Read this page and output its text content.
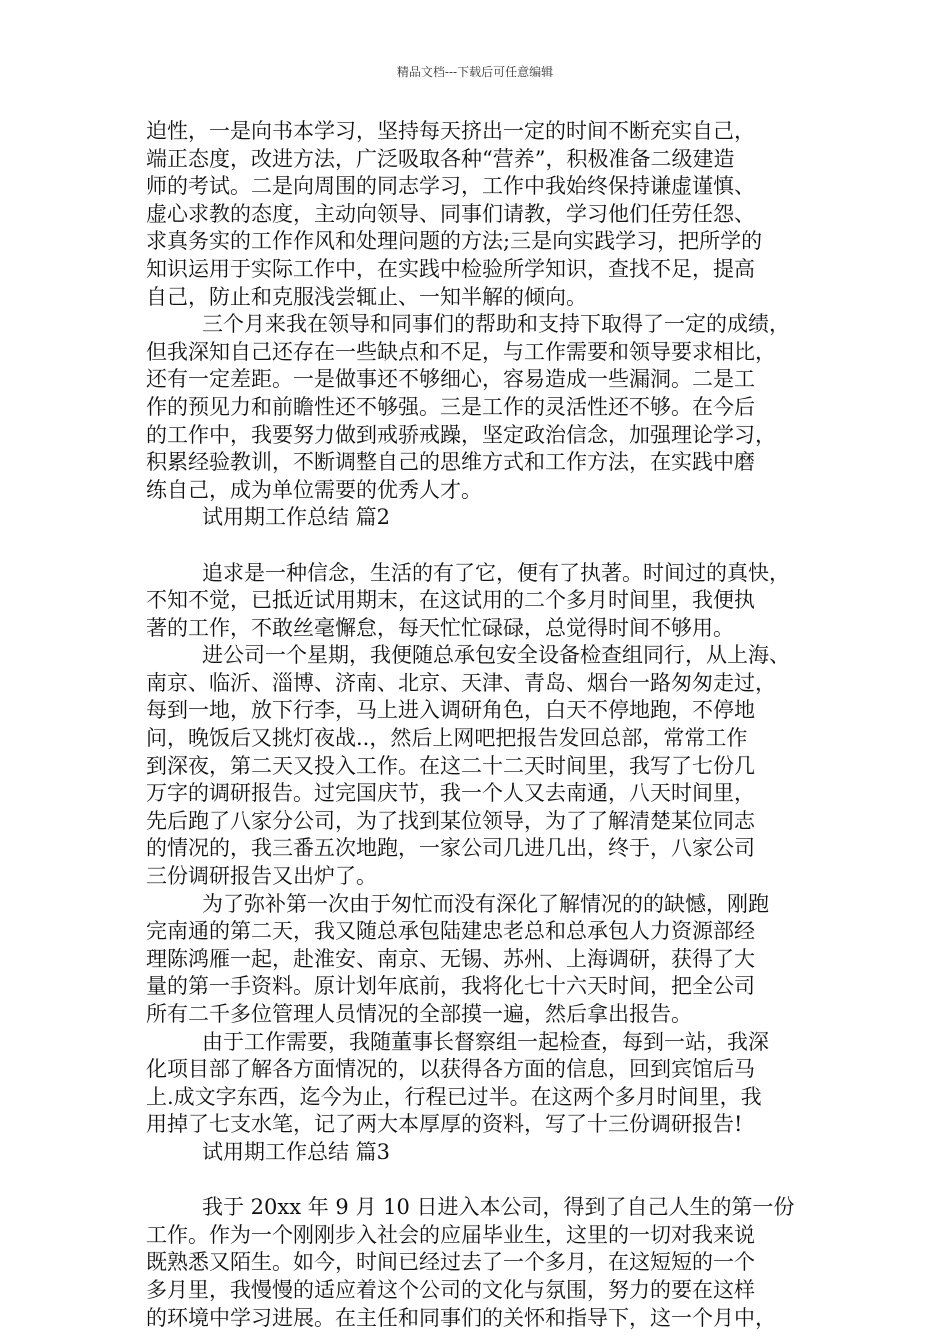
精品文档---下载后可任意编辑
迫性，一是向书本学习，坚持每天挤出一定的时间不断充实自己，
端正态度，改进方法，广泛吸取各种“营养”，积极准备二级建造
师的考试。二是向周围的同志学习，工作中我始终保持谦虚谨慎、
虚心求教的态度，主动向领导、同事们请教，学习他们任劳任怨、
求真务实的工作作风和处理问题的方法;三是向实践学习，把所学的
知识运用于实际工作中，在实践中检验所学知识，查找不足，提高
自己，防止和克服浅尝辄止、一知半解的倾向。
三个月来我在领导和同事们的帮助和支持下取得了一定的成绩，
但我深知自己还存在一些缺点和不足，与工作需要和领导要求相比，
还有一定差距。一是做事还不够细心，容易造成一些漏洞。二是工
作的预见力和前瞻性还不够强。三是工作的灵活性还不够。在今后
的工作中，我要努力做到戒骄戒躁，坚定政治信念，加强理论学习，
积累经验教训，不断调整自己的思维方式和工作方法，在实践中磨
练自己，成为单位需要的优秀人才。
试用期工作总结 篇2
追求是一种信念，生活的有了它，便有了执著。时间过的真快，
不知不觉，已抵近试用期末，在这试用的二个多月时间里，我便执
著的工作，不敢丝毫懈怠，每天忙忙碌碌，总觉得时间不够用。
进公司一个星期，我便随总承包安全设备检查组同行，从上海、
南京、临沂、淄博、济南、北京、天津、青岛、烟台一路匆匆走过，
每到一地，放下行李，马上进入调研角色，白天不停地跑，不停地
问，晚饭后又挑灯夜战..，然后上网吧把报告发回总部，常常工作
到深夜，第二天又投入工作。在这二十二天时间里，我写了七份几
万字的调研报告。过完国庆节，我一个人又去南通，八天时间里，
先后跑了八家分公司，为了找到某位领导，为了了解清楚某位同志
的情况的，我三番五次地跑，一家公司几进几出，终于，八家公司
三份调研报告又出炉了。
为了弥补第一次由于匆忙而没有深化了解情况的的缺憾，刚跑
完南通的第二天，我又随总承包陆建忠老总和总承包人力资源部经
理陈鸿雁一起，赴淮安、南京、无锡、苏州、上海调研，获得了大
量的第一手资料。原计划年底前，我将化七十六天时间，把全公司
所有二千多位管理人员情况的全部摸一遍，然后拿出报告。
由于工作需要，我随董事长督察组一起检查，每到一站，我深
化项目部了解各方面情况的，以获得各方面的信息，回到宾馆后马
上.成文字东西，迄今为止，行程已过半。在这两个多月时间里，我
用掉了七支水笔，记了两大本厚厚的资料，写了十三份调研报告!
试用期工作总结 篇3
我于 20xx 年 9 月 10 日进入本公司，得到了自己人生的第一份
工作。作为一个刚刚步入社会的应届毕业生，这里的一切对我来说
既熟悉又陌生。如今，时间已经过去了一个多月，在这短短的一个
多月里，我慢慢的适应着这个公司的文化与氛围，努力的要在这样
的环境中学习进展。在主任和同事们的关怀和指导下，这一个月中，
